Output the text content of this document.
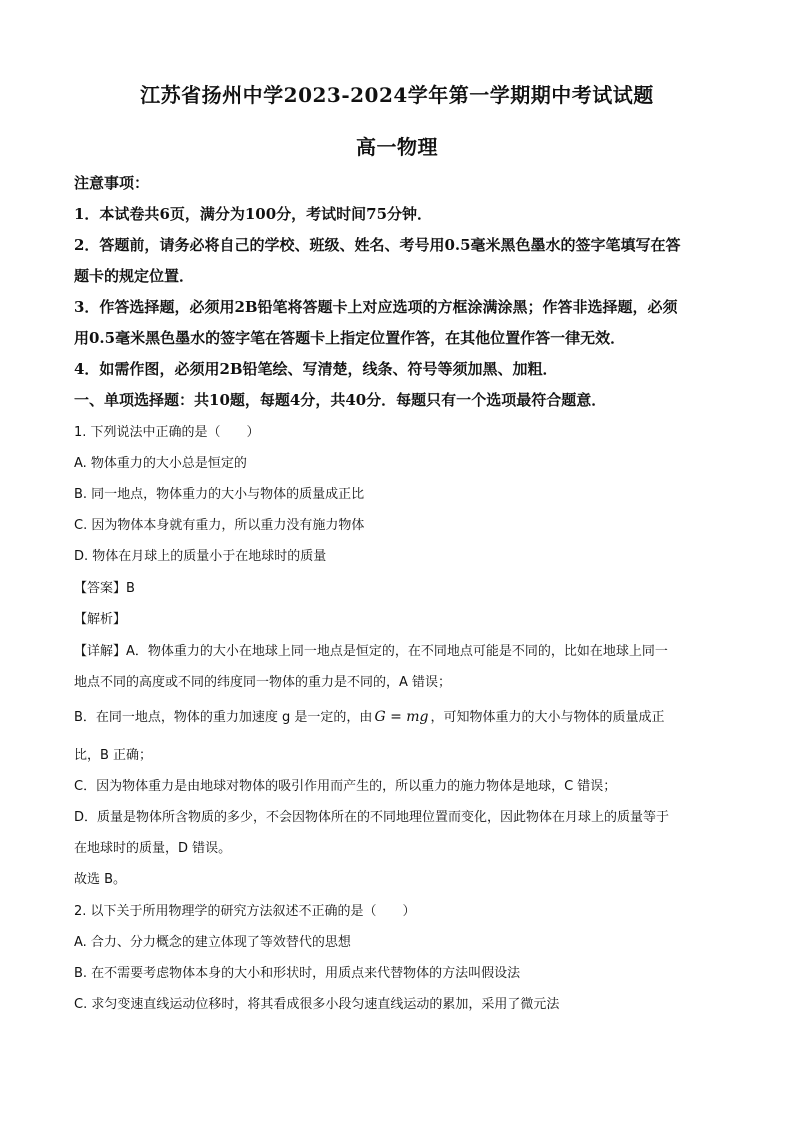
江苏省扬州中学2023-2024学年第一学期期中考试试题
高一物理
注意事项：
1．本试卷共6页，满分为100分，考试时间75分钟．
2．答题前，请务必将自己的学校、班级、姓名、考号用0.5毫米黑色墨水的签字笔填写在答
题卡的规定位置．
3．作答选择题，必须用2B铅笔将答题卡上对应选项的方框涂满涂黑；作答非选择题，必须
用0.5毫米黑色墨水的签字笔在答题卡上指定位置作答，在其他位置作答一律无效．
4．如需作图，必须用2B铅笔绘、写清楚，线条、符号等须加黑、加粗．
一、单项选择题：共10题，每题4分，共40分．每题只有一个选项最符合题意．
1. 下列说法中正确的是（　　）
A. 物体重力的大小总是恒定的
B. 同一地点，物体重力的大小与物体的质量成正比
C. 因为物体本身就有重力，所以重力没有施力物体
D. 物体在月球上的质量小于在地球时的质量
【答案】B
【解析】
【详解】A．物体重力的大小在地球上同一地点是恒定的，在不同地点可能是不同的，比如在地球上同一
地点不同的高度或不同的纬度同一物体的重力是不同的，A 错误；
B．在同一地点，物体的重力加速度 g 是一定的，由 G = mg ，可知物体重力的大小与物体的质量成正
比，B 正确；
C．因为物体重力是由地球对物体的吸引作用而产生的，所以重力的施力物体是地球，C 错误；
D．质量是物体所含物质的多少，不会因物体所在的不同地理位置而变化，因此物体在月球上的质量等于
在地球时的质量，D 错误。
故选 B。
2. 以下关于所用物理学的研究方法叙述不正确的是（　　）
A. 合力、分力概念的建立体现了等效替代的思想
B. 在不需要考虑物体本身的大小和形状时，用质点来代替物体的方法叫假设法
C. 求匀变速直线运动位移时，将其看成很多小段匀速直线运动的累加，采用了微元法
